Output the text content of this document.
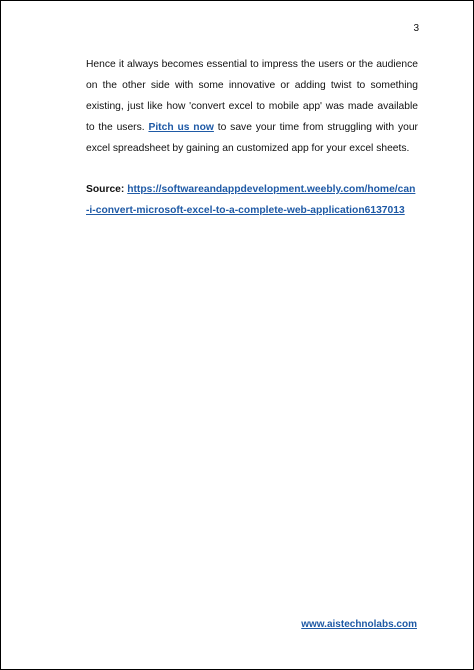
3

Hence it always becomes essential to impress the users or the audience on the other side with some innovative or adding twist to something existing, just like how 'convert excel to mobile app' was made available to the users. Pitch us now to save your time from struggling with your excel spreadsheet by gaining an customized app for your excel sheets.

Source: https://softwareandappdevelopment.weebly.com/home/can-i-convert-microsoft-excel-to-a-complete-web-application6137013

www.aistechnolabs.com
